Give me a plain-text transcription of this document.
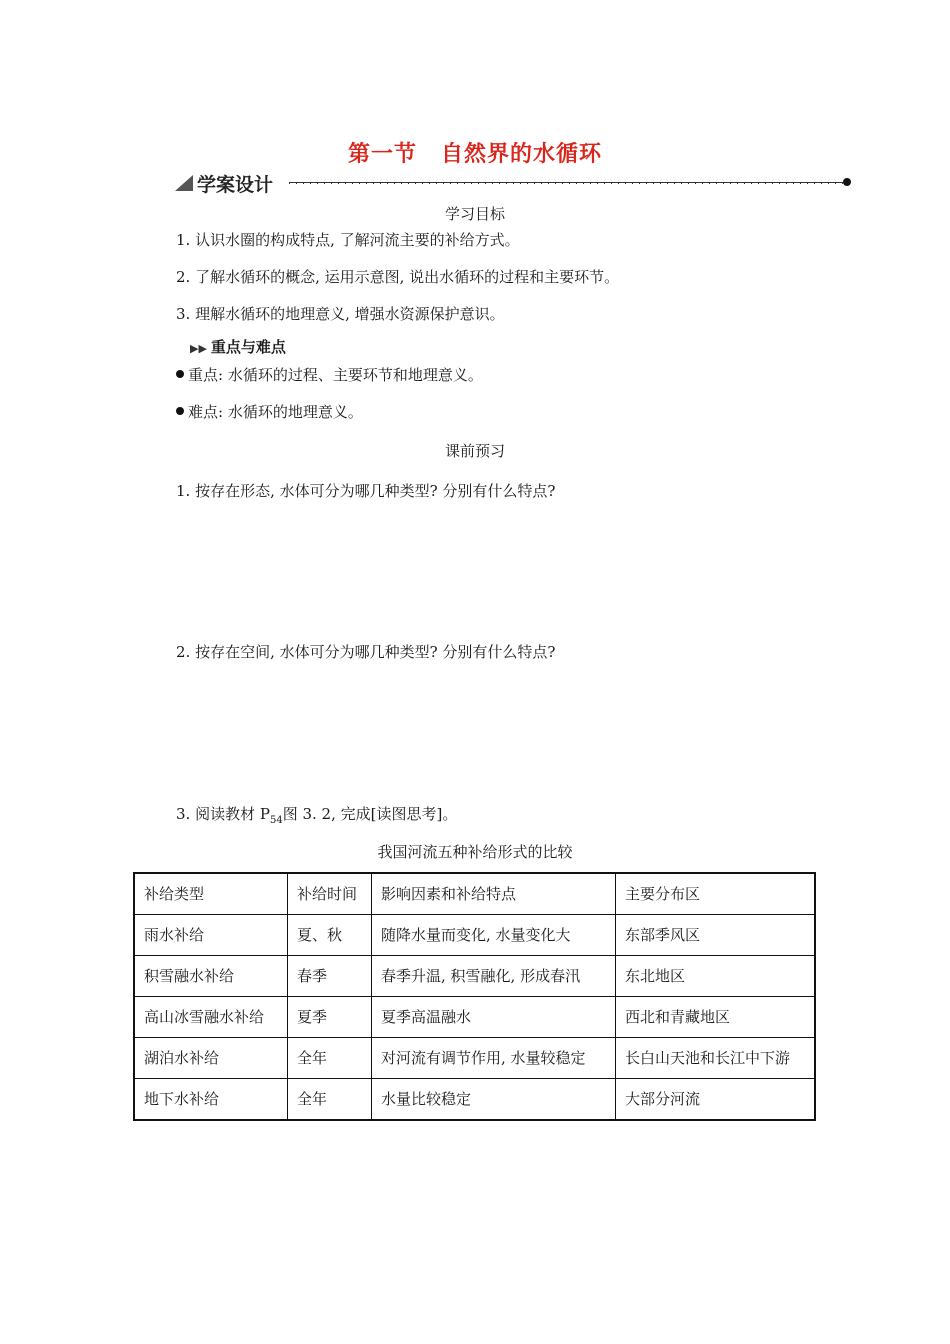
第一节 自然界的水循环
学案设计
学习目标
1. 认识水圈的构成特点, 了解河流主要的补给方式。
2. 了解水循环的概念, 运用示意图, 说出水循环的过程和主要环节。
3. 理解水循环的地理意义, 增强水资源保护意识。
▶▶ 重点与难点
重点: 水循环的过程、主要环节和地理意义。
难点: 水循环的地理意义。
课前预习
1. 按存在形态, 水体可分为哪几种类型? 分别有什么特点?
2. 按存在空间, 水体可分为哪几种类型? 分别有什么特点?
3. 阅读教材 $P_{54}$图 3. 2, 完成[读图思考]。
我国河流五种补给形式的比较
补给类型	补给时间	影响因素和补给特点	主要分布区
雨水补给	夏、秋	随降水量而变化, 水量变化大	东部季风区
积雪融水补给	春季	春季升温, 积雪融化, 形成春汛	东北地区
高山冰雪融水补给	夏季	夏季高温融水	西北和青藏地区
湖泊水补给	全年	对河流有调节作用, 水量较稳定	长白山天池和长江中下游
地下水补给	全年	水量比较稳定	大部分河流
